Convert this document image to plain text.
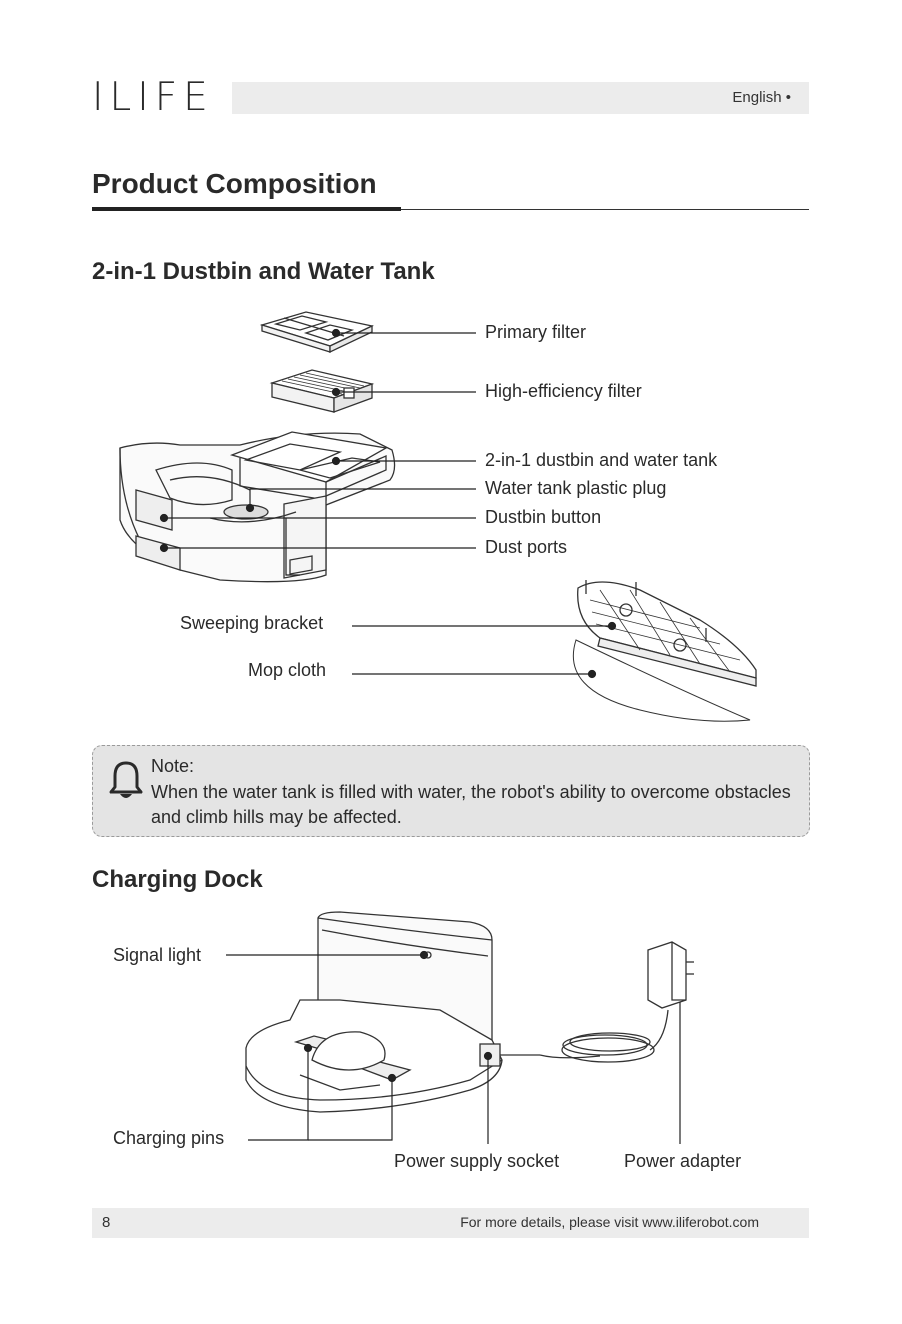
ILIFE	English •
Product Composition
2-in-1 Dustbin and Water Tank
Primary filter
High-efficiency filter
2-in-1 dustbin and water tank
Water tank plastic plug
Dustbin button
Dust ports
Sweeping bracket
Mop cloth
Note:
When the water tank is filled with water, the robot's ability to overcome obstacles and climb hills may be affected.
Charging Dock
Signal light
Charging pins
Power supply socket	Power adapter
8	For more details, please visit www.iliferobot.com
